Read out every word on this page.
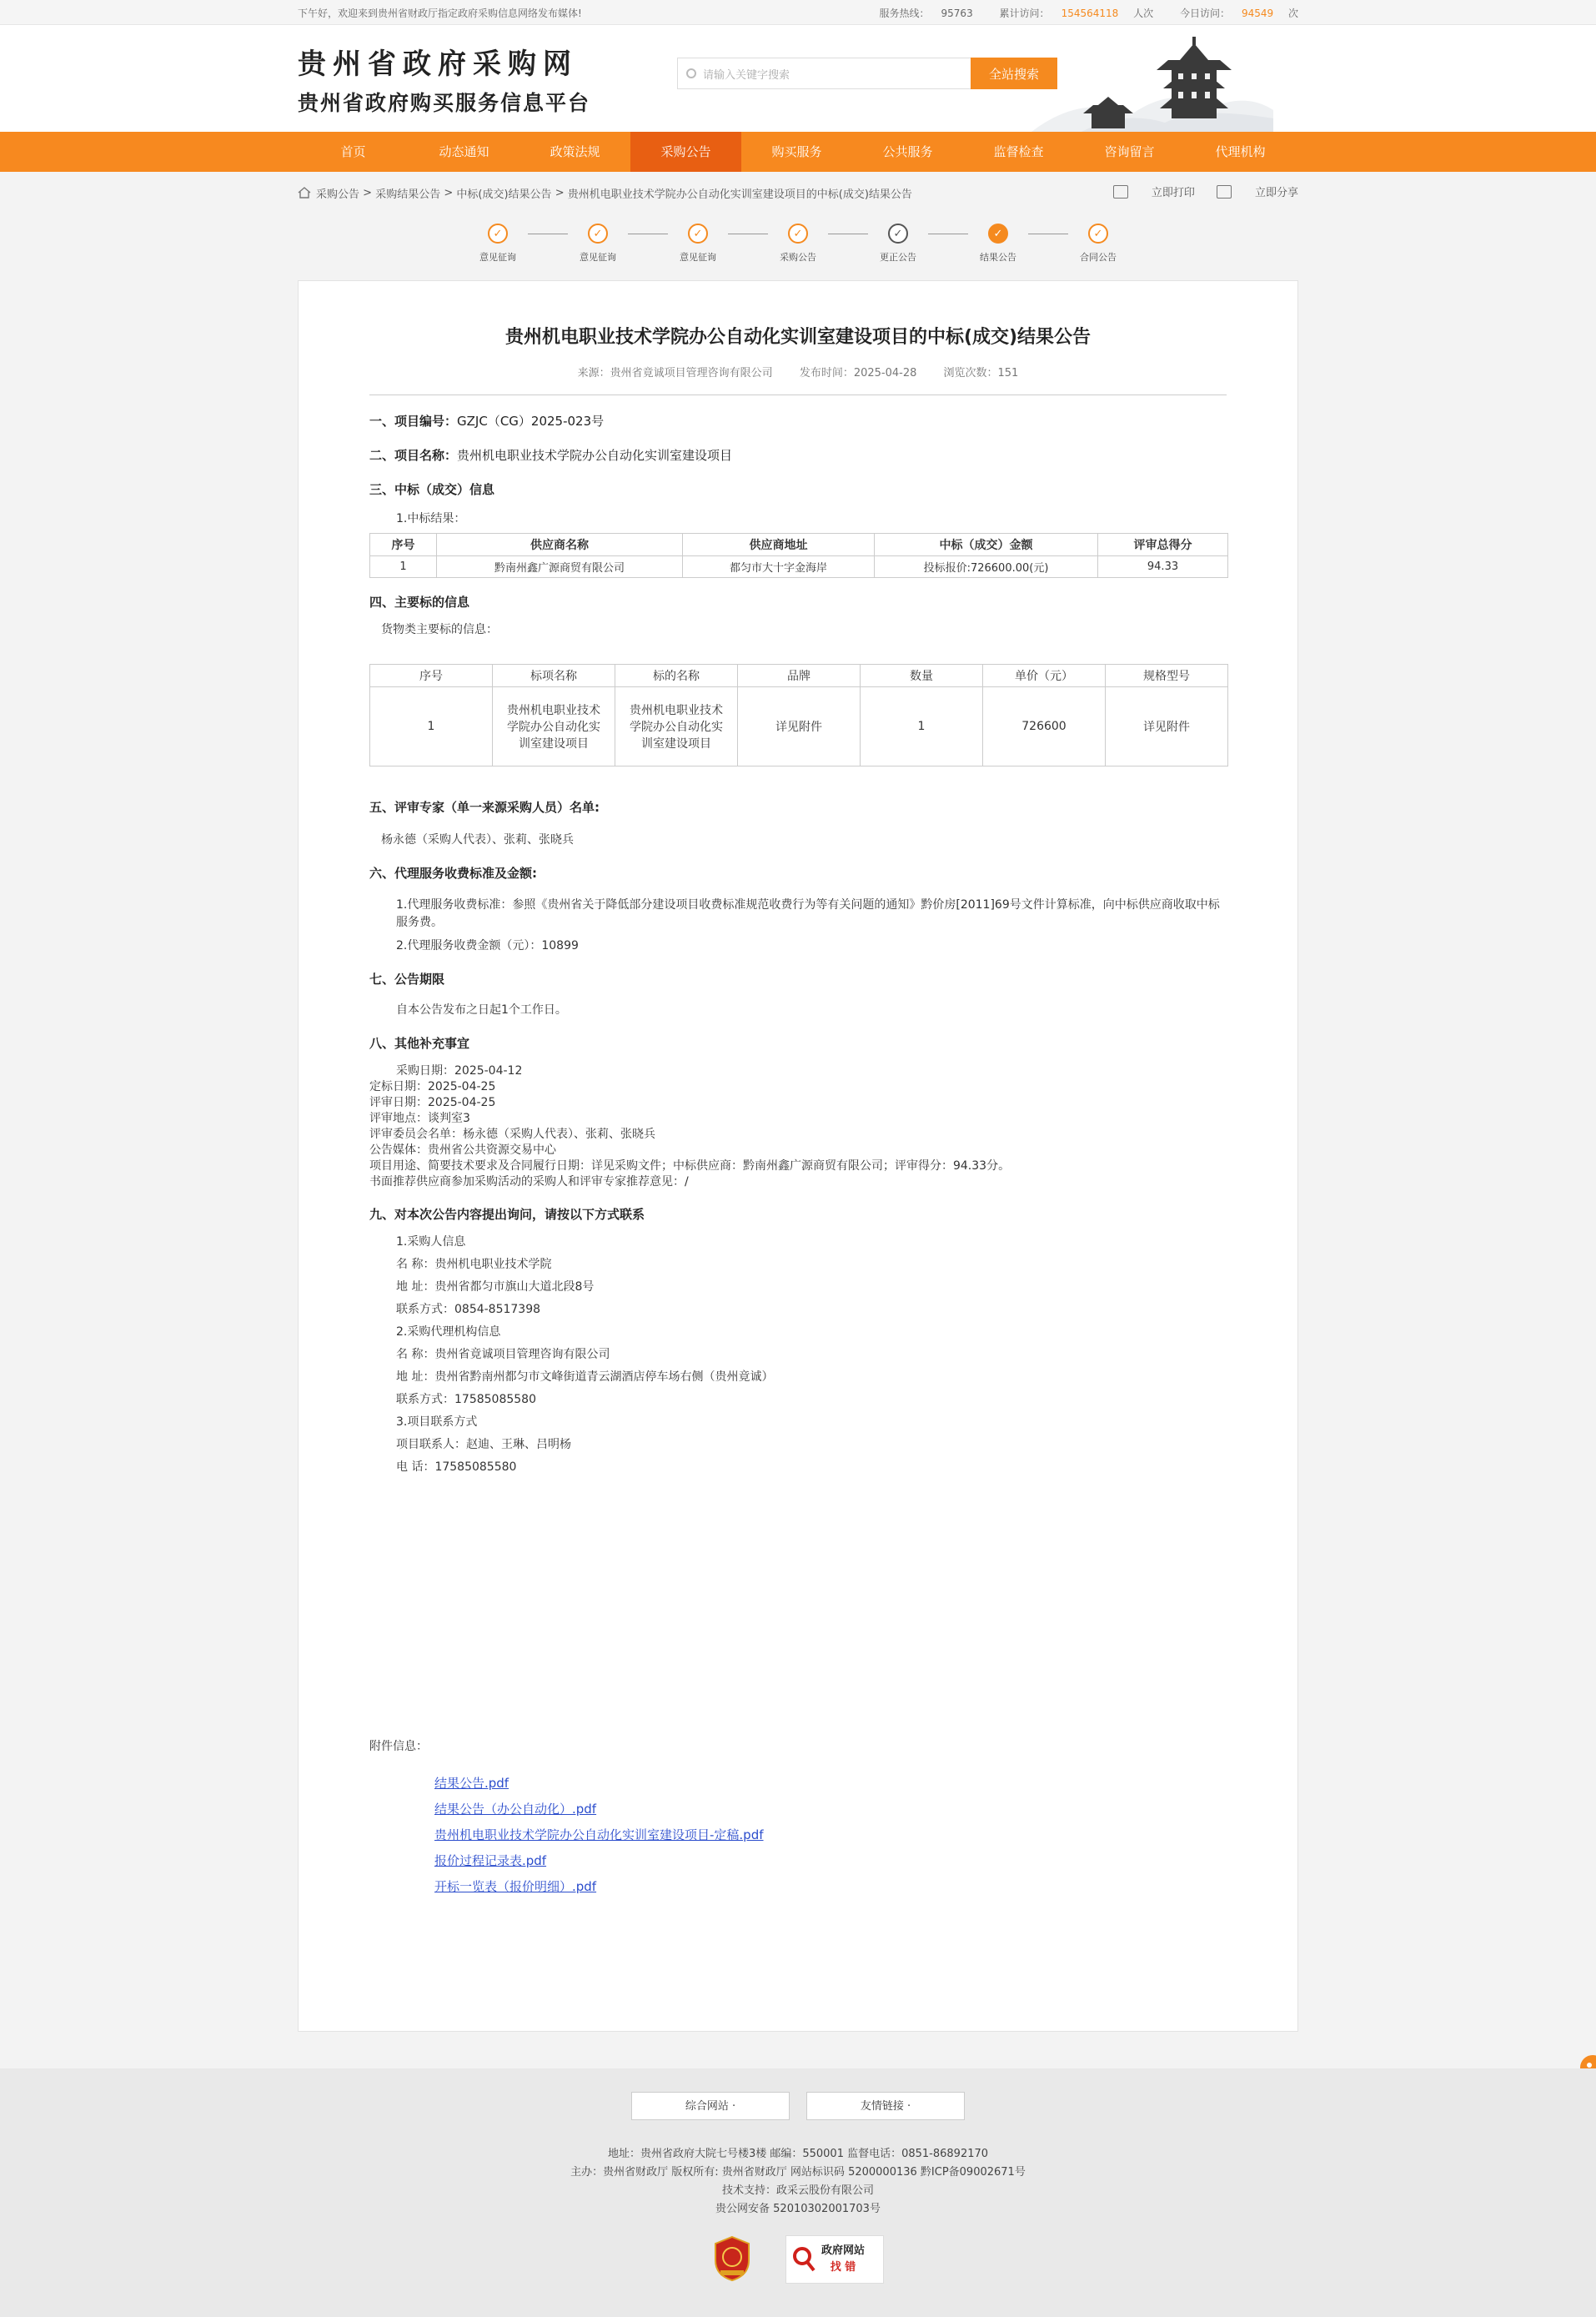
下午好，欢迎来到贵州省财政厅指定政府采购信息网络发布媒体!	服务热线： 95763	累计访问： 154564118 人次	今日访问： 94549 次
贵州省政府采购网
贵州省政府购买服务信息平台
请输入关键字搜索	全站搜索
首页	动态通知	政策法规	采购公告	购买服务	公共服务	监督检查	咨询留言	代理机构
采购公告
>
采购结果公告
>
中标(成交)结果公告
>
贵州机电职业技术学院办公自动化实训室建设项目的中标(成交)结果公告	立即打印
	立即分享
✓
意见征询
✓
意见征询
✓
意见征询
✓
采购公告
✓
更正公告
✓
结果公告
✓
合同公告
贵州机电职业技术学院办公自动化实训室建设项目的中标(成交)结果公告
来源：贵州省竟诚项目管理咨询有限公司 发布时间：2025-04-28 浏览次数：151
一、项目编号：GZJC（CG）2025-023号
二、项目名称：贵州机电职业技术学院办公自动化实训室建设项目
三、中标（成交）信息
1.中标结果：
序号	供应商名称	供应商地址	中标（成交）金额	评审总得分
1	黔南州鑫广源商贸有限公司	都匀市大十字金海岸	投标报价:726600.00(元)	94.33
四、主要标的信息
货物类主要标的信息：
序号	标项名称	标的名称	品牌	数量	单价（元）	规格型号
1	贵州机电职业技术学院办公自动化实训室建设项目	贵州机电职业技术学院办公自动化实训室建设项目	详见附件	1	726600	详见附件
五、评审专家（单一来源采购人员）名单:
杨永德（采购人代表）、张莉、张晓兵
六、代理服务收费标准及金额:
1.代理服务收费标准：参照《贵州省关于降低部分建设项目收费标准规范收费行为等有关问题的通知》黔价房[2011]69号文件计算标准，向中标供应商收取中标服务费。
2.代理服务收费金额（元）：10899
七、公告期限
自本公告发布之日起1个工作日。
八、其他补充事宜
采购日期：2025-04-12
定标日期：2025-04-25
评审日期：2025-04-25
评审地点：谈判室3
评审委员会名单：杨永德（采购人代表）、张莉、张晓兵
公告媒体：贵州省公共资源交易中心
项目用途、简要技术要求及合同履行日期：详见采购文件；中标供应商：黔南州鑫广源商贸有限公司；评审得分：94.33分。
书面推荐供应商参加采购活动的采购人和评审专家推荐意见：/
九、对本次公告内容提出询问，请按以下方式联系
1.采购人信息
名 称：贵州机电职业技术学院
地 址：贵州省都匀市旗山大道北段8号
联系方式：0854-8517398
2.采购代理机构信息
名 称：贵州省竟诚项目管理咨询有限公司
地 址：贵州省黔南州都匀市文峰街道青云湖酒店停车场右侧（贵州竟诚）
联系方式：17585085580
3.项目联系方式
项目联系人：赵迪、王琳、吕明杨
电 话：17585085580
附件信息：
结果公告.pdf
结果公告（办公自动化）.pdf
贵州机电职业技术学院办公自动化实训室建设项目-定稿.pdf
报价过程记录表.pdf
开标一览表（报价明细）.pdf
综合网站 ·	友情链接 ·
地址：贵州省政府大院七号楼3楼 邮编：550001 监督电话：0851-86892170
主办：贵州省财政厅 版权所有: 贵州省财政厅 网站标识码 5200000136 黔ICP备09002671号 技术支持：政采云股份有限公司
贵公网安备 52010302001703号
政府网站
找 错
